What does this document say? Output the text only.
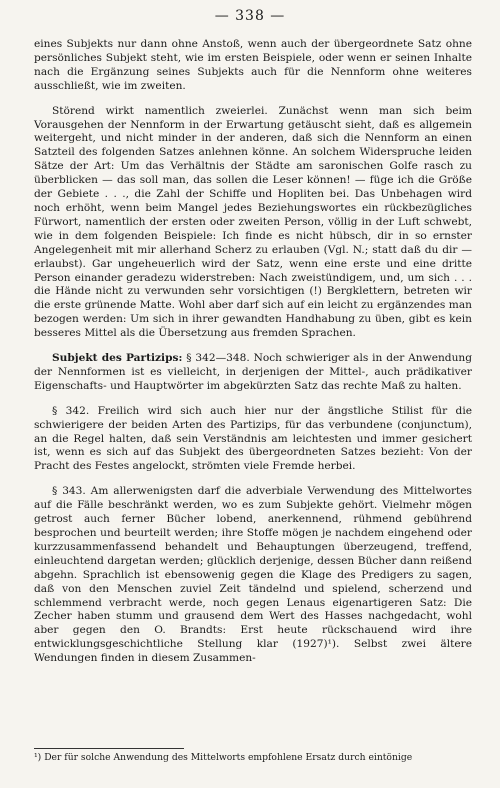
— 338 —

eines Subjekts nur dann ohne Anstoß, wenn auch der übergeordnete Satz ohne persönliches Subjekt steht, wie im ersten Beispiele, oder wenn er seinen Inhalte nach die Ergänzung seines Subjekts auch für die Nennform ohne weiteres ausschließt, wie im zweiten.

Störend wirkt namentlich zweierlei. Zunächst wenn man sich beim Vorausgehen der Nennform in der Erwartung getäuscht sieht, daß es allgemein weitergeht, und nicht minder in der anderen, daß sich die Nennform an einen Satzteil des folgenden Satzes anlehnen könne. An solchem Widerspruche leiden Sätze der Art: Um das Verhältnis der Städte am saronischen Golfe rasch zu überblicken — das soll man, das sollen die Leser können! — füge ich die Größe der Gebiete . . ., die Zahl der Schiffe und Hopliten bei. Das Unbehagen wird noch erhöht, wenn beim Mangel jedes Beziehungswortes ein rückbezügliches Fürwort, namentlich der ersten oder zweiten Person, völlig in der Luft schwebt, wie in dem folgenden Beispiele: Ich finde es nicht hübsch, dir in so ernster Angelegenheit mit mir allerhand Scherz zu erlauben (Vgl. N.; statt daß du dir — erlaubst). Gar ungeheuerlich wird der Satz, wenn eine erste und eine dritte Person einander geradezu widerstreben: Nach zweistündigem, und, um sich . . . die Hände nicht zu verwunden sehr vorsichtigen (!) Bergklettern, betreten wir die erste grünende Matte. Wohl aber darf sich auf ein leicht zu ergänzendes man bezogen werden: Um sich in ihrer gewandten Handhabung zu üben, gibt es kein besseres Mittel als die Übersetzung aus fremden Sprachen.

Subjekt des Partizips: § 342—348. Noch schwieriger als in der Anwendung der Nennformen ist es vielleicht, in derjenigen der Mittel-, auch prädikativer Eigenschafts- und Hauptwörter im abgekürzten Satz das rechte Maß zu halten.

§ 342. Freilich wird sich auch hier nur der ängstliche Stilist für die schwierigere der beiden Arten des Partizips, für das verbundene (conjunctum), an die Regel halten, daß sein Verständnis am leichtesten und immer gesichert ist, wenn es sich auf das Subjekt des übergeordneten Satzes bezieht: Von der Pracht des Festes angelockt, strömten viele Fremde herbei.

§ 343. Am allerwenigsten darf die adverbiale Verwendung des Mittelwortes auf die Fälle beschränkt werden, wo es zum Subjekte gehört. Vielmehr mögen getrost auch ferner Bücher lobend, anerkennend, rühmend gebührend besprochen und beurteilt werden; ihre Stoffe mögen je nachdem eingehend oder kurzzusammenfassend behandelt und Behauptungen überzeugend, treffend, einleuchtend dargetan werden; glücklich derjenige, dessen Bücher dann reißend abgehn. Sprachlich ist ebensowenig gegen die Klage des Predigers zu sagen, daß von den Menschen zuviel Zeit tändelnd und spielend, scherzend und schlemmend verbracht werde, noch gegen Lenaus eigenartigeren Satz: Die Zecher haben stumm und grausend dem Wert des Hasses nachgedacht, wohl aber gegen den O. Brandts: Erst heute rückschauend wird ihre entwicklungsgeschichtliche Stellung klar (1927)¹). Selbst zwei ältere Wendungen finden in diesem Zusammen-

¹) Der für solche Anwendung des Mittelworts empfohlene Ersatz durch eintönige
